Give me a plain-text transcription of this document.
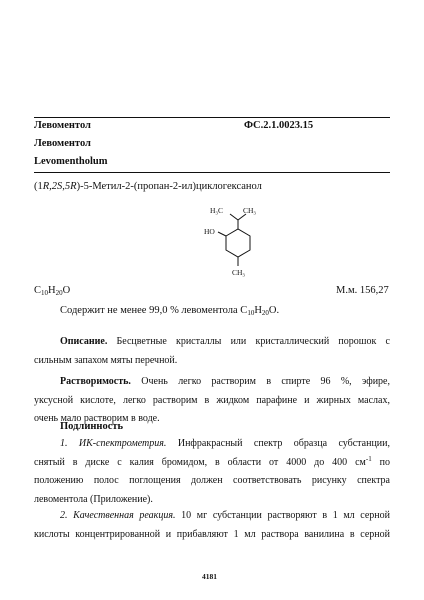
Левоментол	ФС.2.1.0023.15
Левоментол
Levomentholum
(1R,2S,5R)-5-Метил-2-(пропан-2-ил)циклогексанол
H₃C	CH₃
HO
CH₃
$C_{10}H_{20}O$	М.м. 156,27
Содержит не менее 99,0 % левоментола $C_{10}H_{20}O$.
Описание. Бесцветные кристаллы или кристаллический порошок с
сильным запахом мяты перечной.
Растворимость. Очень легко растворим в спирте 96 %, эфире,
уксусной кислоте, легко растворим в жидком парафине и жирных маслах,
очень мало растворим в воде.
Подлинность
1. ИК-спектрометрия. Инфракрасный спектр образца субстанции,
снятый в диске с калия бромидом, в области от 4000 до 400 $см^{-1}$ по
положению полос поглощения должен соответствовать рисунку спектра
левоментола (Приложение).
2. Качественная реакция. 10 мг субстанции растворяют в 1 мл серной
кислоты концентрированной и прибавляют 1 мл раствора ванилина в серной
4181
